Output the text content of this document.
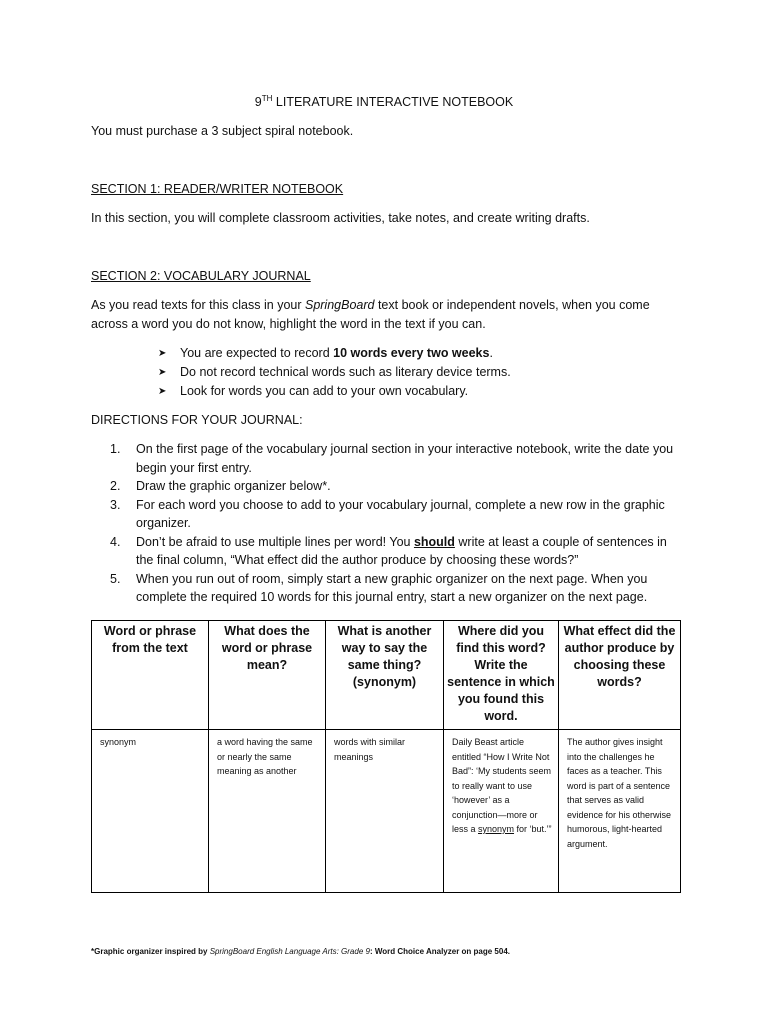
9TH LITERATURE INTERACTIVE NOTEBOOK
You must purchase a 3 subject spiral notebook.
SECTION 1: READER/WRITER NOTEBOOK
In this section, you will complete classroom activities, take notes, and create writing drafts.
SECTION 2: VOCABULARY JOURNAL
As you read texts for this class in your SpringBoard text book or independent novels, when you come across a word you do not know, highlight the word in the text if you can.
➤	You are expected to record 10 words every two weeks.
➤	Do not record technical words such as literary device terms.
➤	Look for words you can add to your own vocabulary.
DIRECTIONS FOR YOUR JOURNAL:
1.	On the first page of the vocabulary journal section in your interactive notebook, write the date you begin your first entry.
2.	Draw the graphic organizer below*.
3.	For each word you choose to add to your vocabulary journal, complete a new row in the graphic organizer.
4.	Don’t be afraid to use multiple lines per word! You should write at least a couple of sentences in the final column, “What effect did the author produce by choosing these words?”
5.	When you run out of room, simply start a new graphic organizer on the next page. When you complete the required 10 words for this journal entry, start a new organizer on the next page.
Word or phrase from the text	What does the word or phrase mean?	What is another way to say the same thing? (synonym)	Where did you find this word? Write the sentence in which you found this word.	What effect did the author produce by choosing these words?
synonym	a word having the same or nearly the same meaning as another	words with similar meanings	Daily Beast article entitled “How I Write Not Bad”: ‘My students seem to really want to use ‘however’ as a conjunction—more or less a synonym for ‘but.’”	The author gives insight into the challenges he faces as a teacher. This word is part of a sentence that serves as valid evidence for his otherwise humorous, light-hearted argument.
*Graphic organizer inspired by SpringBoard English Language Arts: Grade 9: Word Choice Analyzer on page 504.
